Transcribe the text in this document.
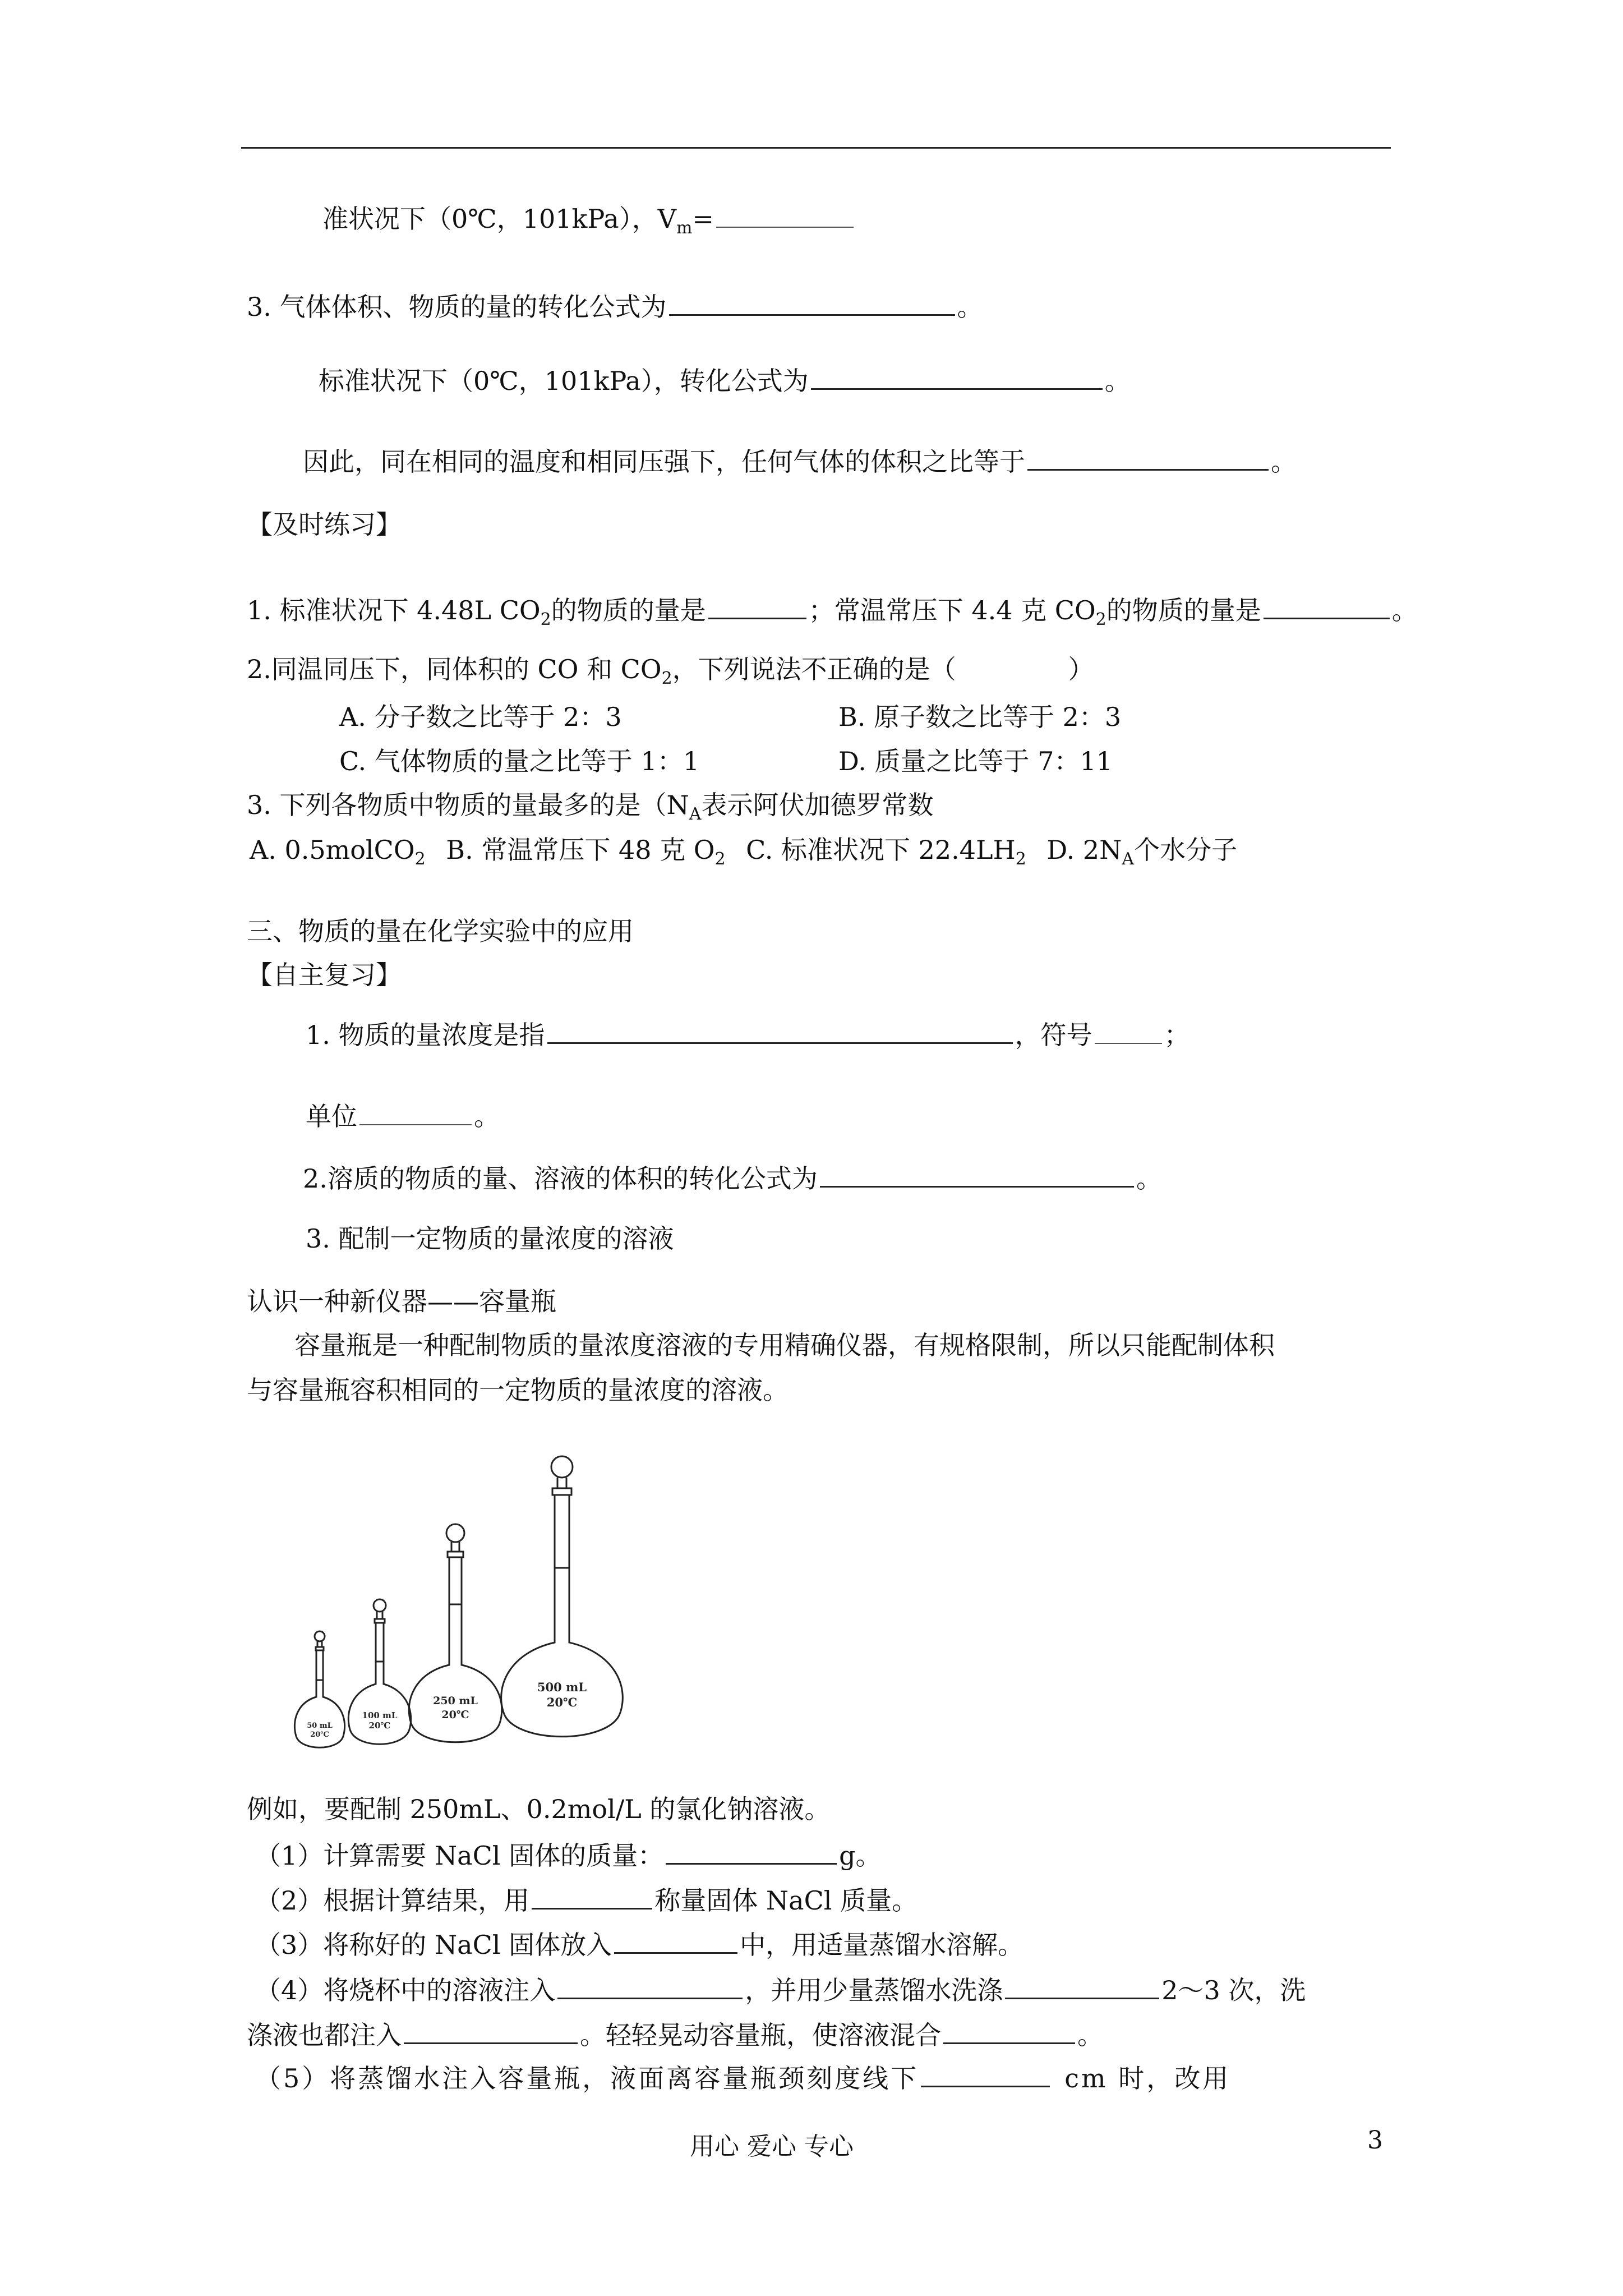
准状况下（0℃，101kPa），$V_m=$
3. 气体体积、物质的量的转化公式为	。
标准状况下（0℃，101kPa），转化公式为	。
因此，同在相同的温度和相同压强下，任何气体的体积之比等于	。
【及时练习】
1. 标准状况下 4.48L $CO_2$的物质的量是	；常温常压下 4.4 克 $CO_2$的物质的量是	。
2.同温同压下，同体积的 CO 和 $CO_2$，下列说法不正确的是（	）
A. 分子数之比等于 2：3	B. 原子数之比等于 2：3
C. 气体物质的量之比等于 1：1	D. 质量之比等于 7：11
3. 下列各物质中物质的量最多的是（$N_A$表示阿伏加德罗常数
A. 0.5molCO$_2$ B. 常温常压下 48 克 $O_2$ C. 标准状况下 $22.4LH_2$ D. $2N_A$个水分子
三、物质的量在化学实验中的应用
【自主复习】
1. 物质的量浓度是指	，符号	；
单位	。
2.溶质的物质的量、溶液的体积的转化公式为	。
3. 配制一定物质的量浓度的溶液
认识一种新仪器——容量瓶
容量瓶是一种配制物质的量浓度溶液的专用精确仪器，有规格限制，所以只能配制体积
与容量瓶容积相同的一定物质的量浓度的溶液。
50 mL
20℃
100 mL
20℃
250 mL
20℃
500 mL
20℃
例如，要配制 250mL、0.2mol/L 的氯化钠溶液。
（1）计算需要 NaCl 固体的质量：	g。
（2）根据计算结果，用	称量固体 NaCl 质量。
（3）将称好的 NaCl 固体放入	中，用适量蒸馏水溶解。
（4）将烧杯中的溶液注入	，并用少量蒸馏水洗涤	2～3 次，洗
涤液也都注入	。轻轻晃动容量瓶，使溶液混合	。
（5）将蒸馏水注入容量瓶，液面离容量瓶颈刻度线下	cm 时，改用
用心 爱心 专心	3
